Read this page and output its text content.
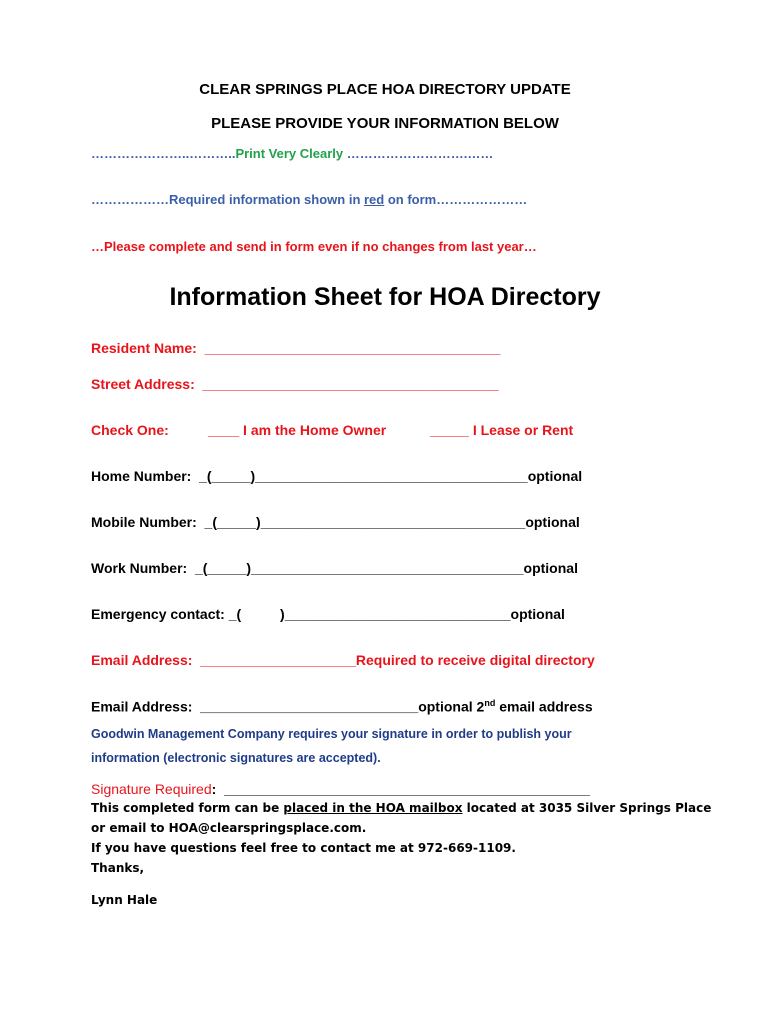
CLEAR SPRINGS PLACE HOA DIRECTORY UPDATE
PLEASE PROVIDE YOUR INFORMATION BELOW
…………………..………..Print Very Clearly ……………………….……
………………Required information shown in red on form…………………
…Please complete and send in form even if no changes from last year…
Information Sheet for HOA Directory
Resident Name:  ______________________________________
Street Address:  ______________________________________
Check One:	____ I am the Home Owner	_____ I Lease or Rent
Home Number:  _(_____)___________________________________optional
Mobile Number:  _(_____)__________________________________optional
Work Number:  _(_____)___________________________________optional
Emergency contact: _(          )_____________________________optional
Email Address:  ____________________Required to receive digital directory
Email Address:  ____________________________optional 2nd email address
Goodwin Management Company requires your signature in order to publish your
information (electronic signatures are accepted).
Signature Required:  _______________________________________________
This completed form can be placed in the HOA mailbox located at 3035 Silver Springs Place
or email to HOA@clearspringsplace.com.
If you have questions feel free to contact me at 972-669-1109.
Thanks,
Lynn Hale
